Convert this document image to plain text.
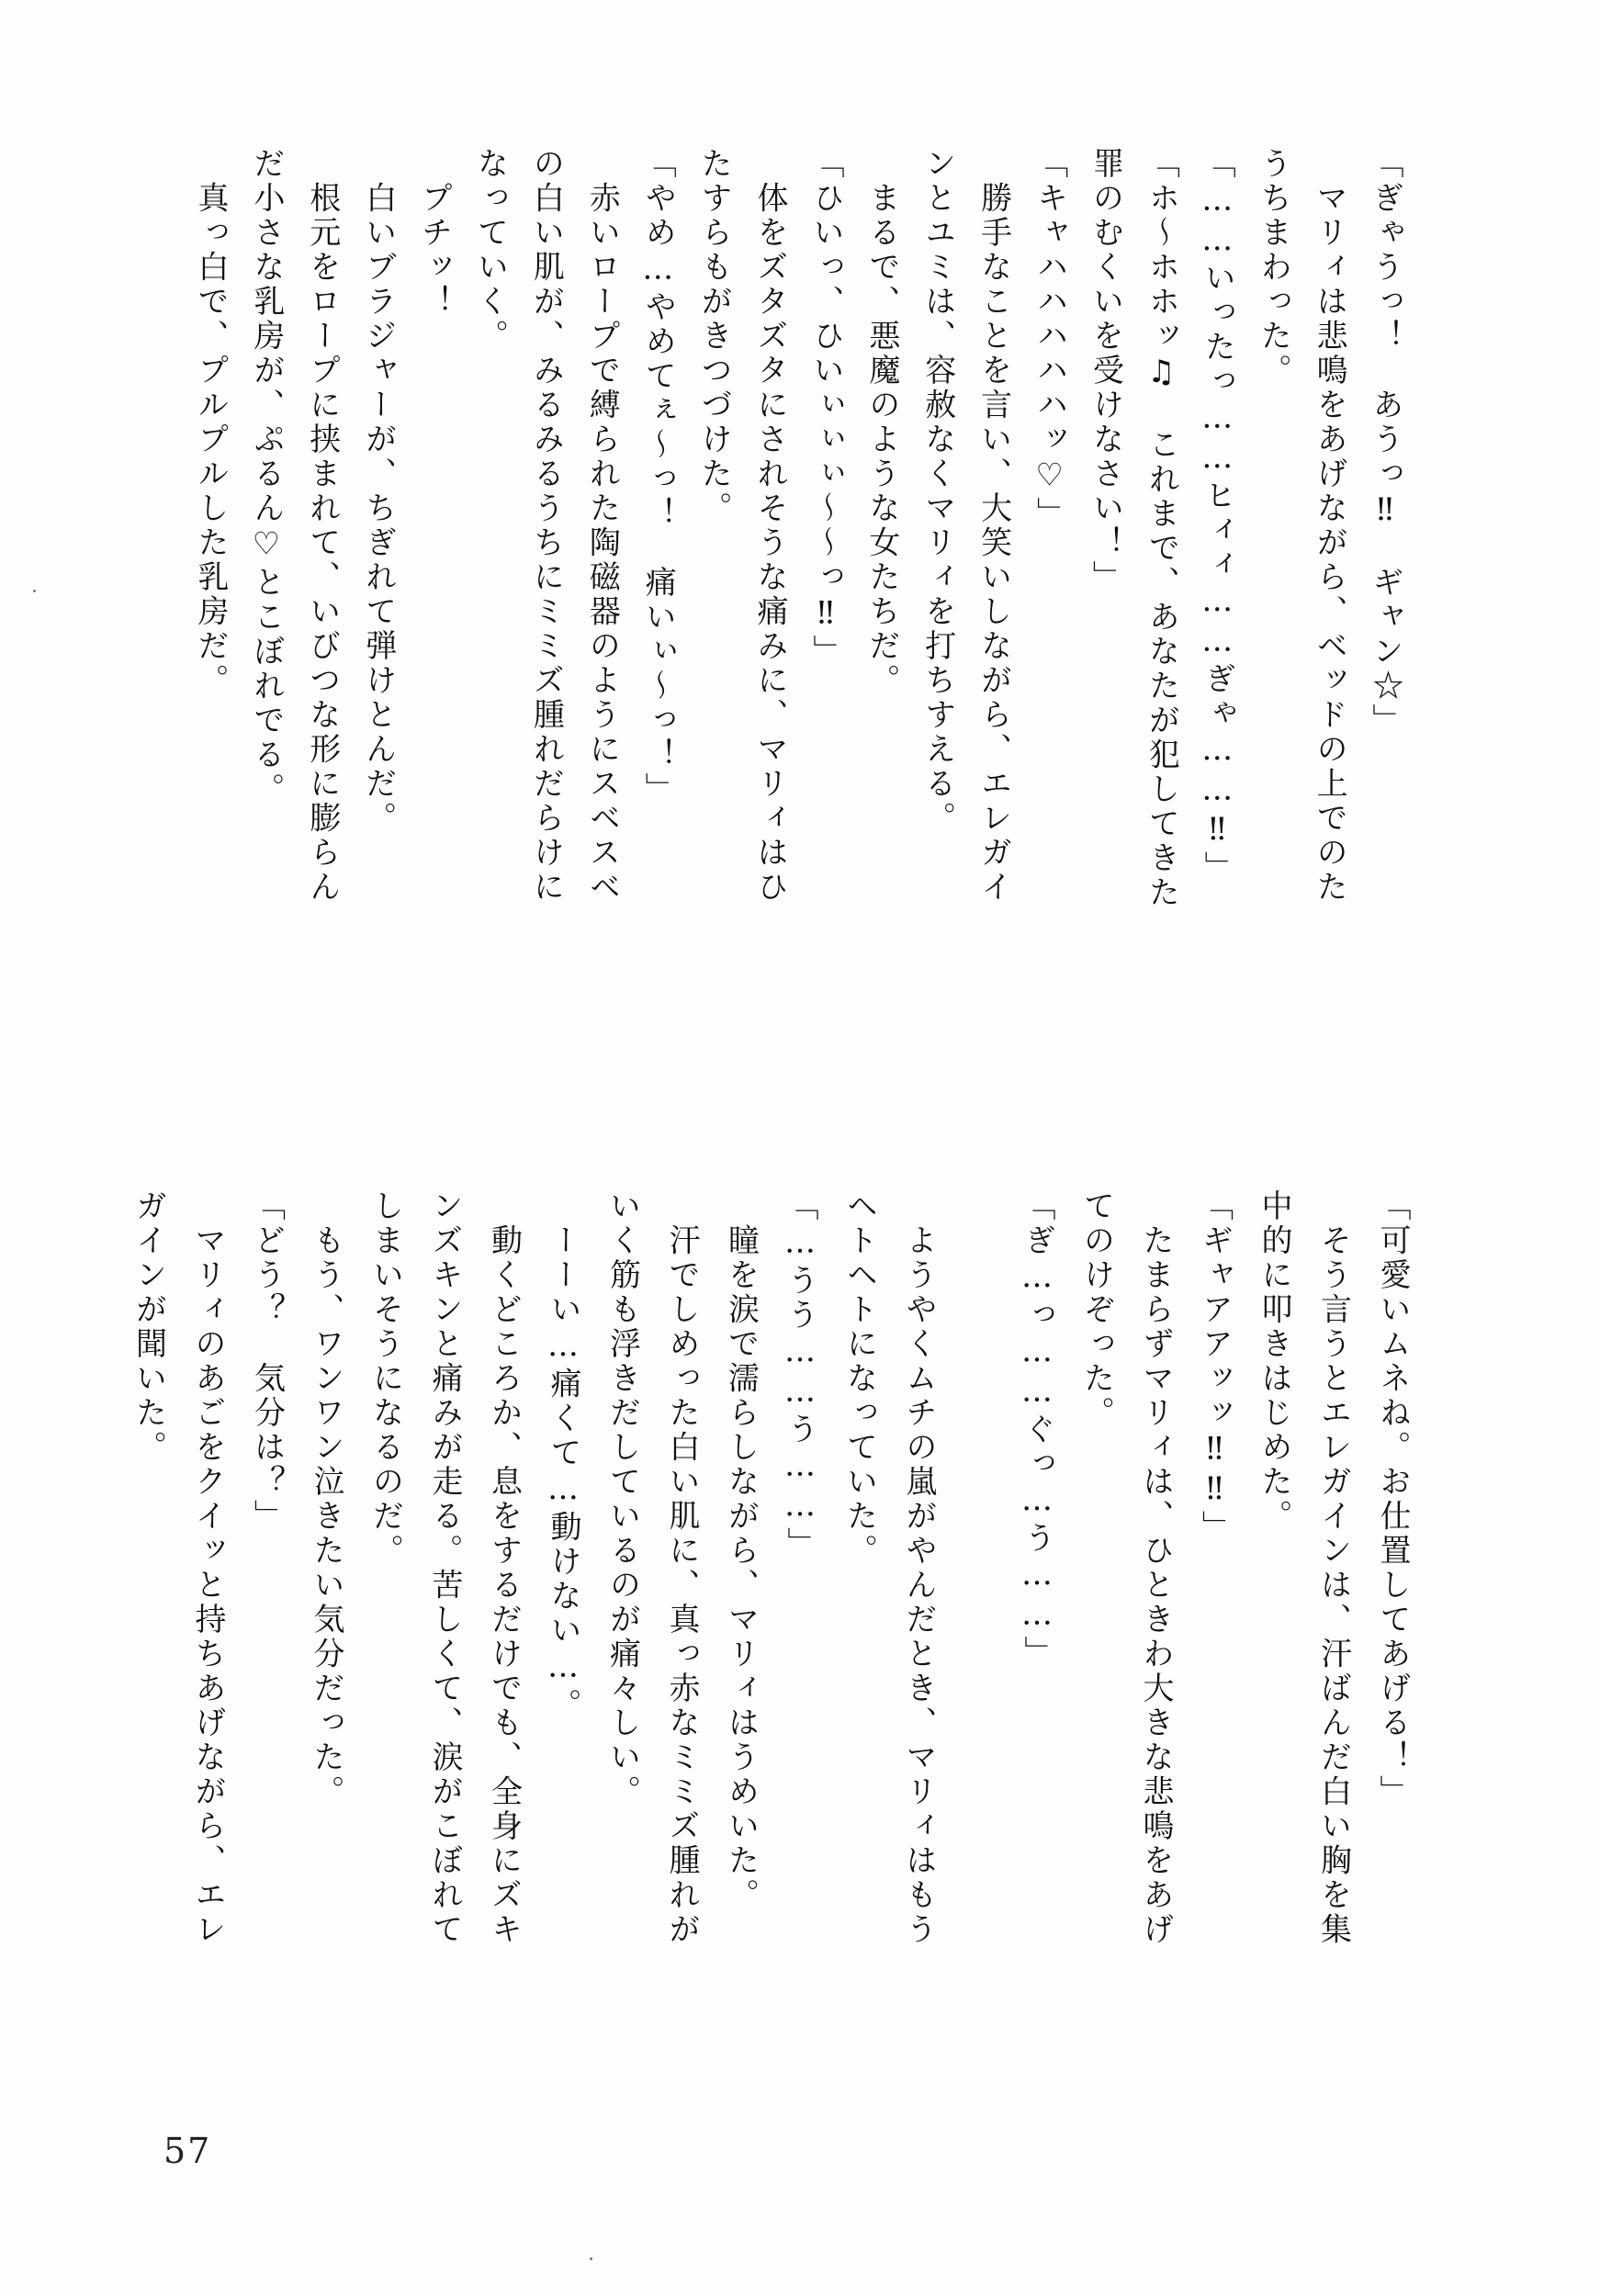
「ぎゃうっ！　あうっ‼　ギャン☆」
　マリィは悲鳴をあげながら、ベッドの上でのた
うちまわった。
「……いったっ……ヒィィ……ぎゃ……‼」
「ホ〜ホホッ♫　これまで、あなたが犯してきた
罪のむくいを受けなさい！」
「キャハハハハハッ♡」
　勝手なことを言い、大笑いしながら、エレガイ
ンとユミは、容赦なくマリィを打ちすえる。
　まるで、悪魔のような女たちだ。
「ひいっ、ひいぃぃぃ〜〜っ‼」
　体をズタズタにされそうな痛みに、マリィはひ
たすらもがきつづけた。
「やめ…やめてぇ〜っ！　痛いぃ〜っ！」
　赤いロープで縛られた陶磁器のようにスベスベ
の白い肌が、みるみるうちにミミズ腫れだらけに
なっていく。
　プチッ！
　白いブラジャーが、ちぎれて弾けとんだ。
　根元をロープに挟まれて、いびつな形に膨らん
だ小さな乳房が、ぷるん♡とこぼれでる。
　真っ白で、プルプルした乳房だ。
「可愛いムネね。お仕置してあげる！」
　そう言うとエレガインは、汗ばんだ白い胸を集
中的に叩きはじめた。
「ギャアアッッ‼‼」
　たまらずマリィは、ひときわ大きな悲鳴をあげ
てのけぞった。
「ぎ…っ……ぐっ…う……」
　ようやくムチの嵐がやんだとき、マリィはもう
ヘトヘトになっていた。
「…うう……う……」
　瞳を涙で濡らしながら、マリィはうめいた。
　汗でしめった白い肌に、真っ赤なミミズ腫れが
いく筋も浮きだしているのが痛々しい。
　ーーい…痛くて…動けない…。
　動くどころか、息をするだけでも、全身にズキ
ンズキンと痛みが走る。苦しくて、涙がこぼれて
しまいそうになるのだ。
　もう、ワンワン泣きたい気分だった。
「どう？　気分は？」
　マリィのあごをクイッと持ちあげながら、エレ
ガインが聞いた。
57
